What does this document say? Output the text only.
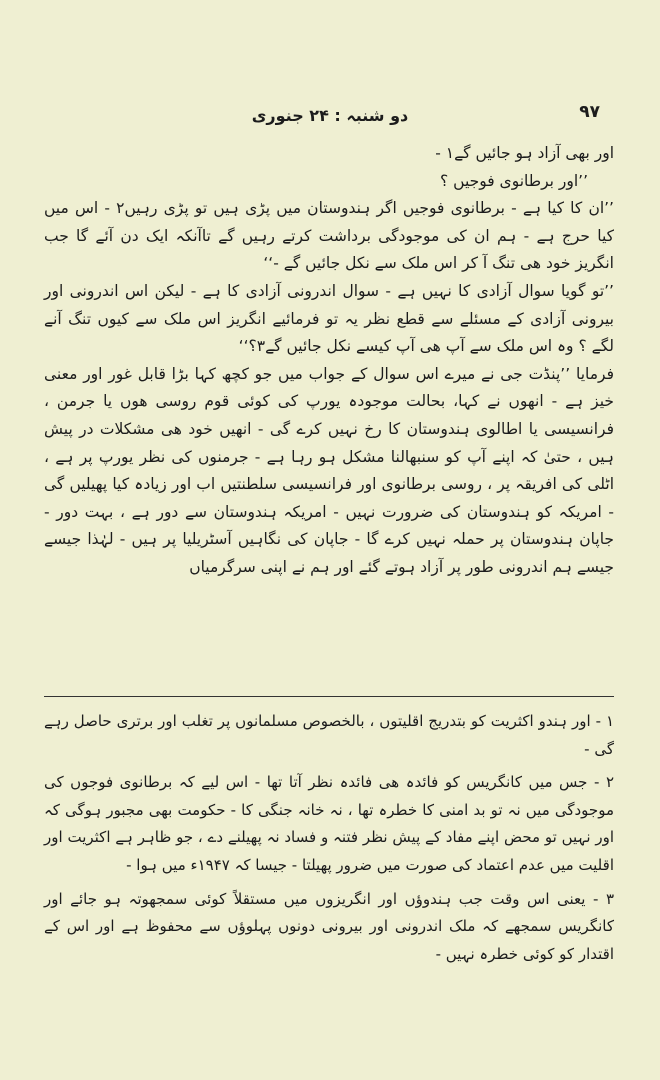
۹۷
دو شنبہ : ۲۴ جنوری

اور بھی آزاد ہو جائیں گے۱ -

’’اور برطانوی فوجیں ؟

’’ان کا کیا ہے - برطانوی فوجیں اگر ہندوستان میں پڑی ہیں تو پڑی رہیں۲ - اس میں کیا حرج ہے - ہم ان کی موجودگی برداشت کرتے رہیں گے تاآنکہ ایک دن آئے گا جب انگریز خود ھی تنگ آ کر اس ملک سے نکل جائیں گے -‘‘

’’تو گویا سوال آزادی کا نہیں ہے - سوال اندرونی آزادی کا ہے - لیکن اس اندرونی اور بیرونی آزادی کے مسئلے سے قطع نظر یہ تو فرمائیے انگریز اس ملک سے کیوں تنگ آنے لگے ؟ وہ اس ملک سے آپ ھی آپ کیسے نکل جائیں گے۳؟‘‘

فرمایا ’’پنڈت جی نے میرے اس سوال کے جواب میں جو کچھ کہا بڑا قابل غور اور معنی خیز ہے - انھوں نے کہا، بحالت موجودہ یورپ کی کوئی قوم روسی ھوں یا جرمن ، فرانسیسی یا اطالوی ہندوستان کا رخ نہیں کرے گی - انھیں خود ھی مشکلات در پیش ہیں ، حتیٰ کہ اپنے آپ کو سنبھالنا مشکل ہو رہا ہے - جرمنوں کی نظر یورپ پر ہے ، اٹلی کی افریقہ پر ، روسی برطانوی اور فرانسیسی سلطنتیں اب اور زیادہ کیا پھیلیں گی - امریکہ کو ہندوستان کی ضرورت نہیں - امریکہ ہندوستان سے دور ہے ، بہت دور - جاپان ہندوستان پر حملہ نہیں کرے گا - جاپان کی نگاہیں آسٹریلیا پر ہیں - لہٰذا جیسے جیسے ہم اندرونی طور پر آزاد ہوتے گئے اور ہم نے اپنی سرگرمیاں

۱ - اور ہندو اکثریت کو بتدریج اقلیتوں ، بالخصوص مسلمانوں پر تغلب اور برتری حاصل رہے گی -

۲ - جس میں کانگریس کو فائدہ ھی فائدہ نظر آتا تھا - اس لیے کہ برطانوی فوجوں کی موجودگی میں نہ تو بد امنی کا خطرہ تھا ، نہ خانہ جنگی کا - حکومت بھی مجبور ہوگی کہ اور نہیں تو محض اپنے مفاد کے پیش نظر فتنہ و فساد نہ پھیلنے دے ، جو ظاہر ہے اکثریت اور اقلیت میں عدم اعتماد کی صورت میں ضرور پھیلتا - جیسا کہ ۱۹۴۷ء میں ہوا -

۳ - یعنی اس وقت جب ہندوؤں اور انگریزوں میں مستقلاً کوئی سمجھوتہ ہو جائے اور کانگریس سمجھے کہ ملک اندرونی اور بیرونی دونوں پہلوؤں سے محفوظ ہے اور اس کے اقتدار کو کوئی خطرہ نہیں -
